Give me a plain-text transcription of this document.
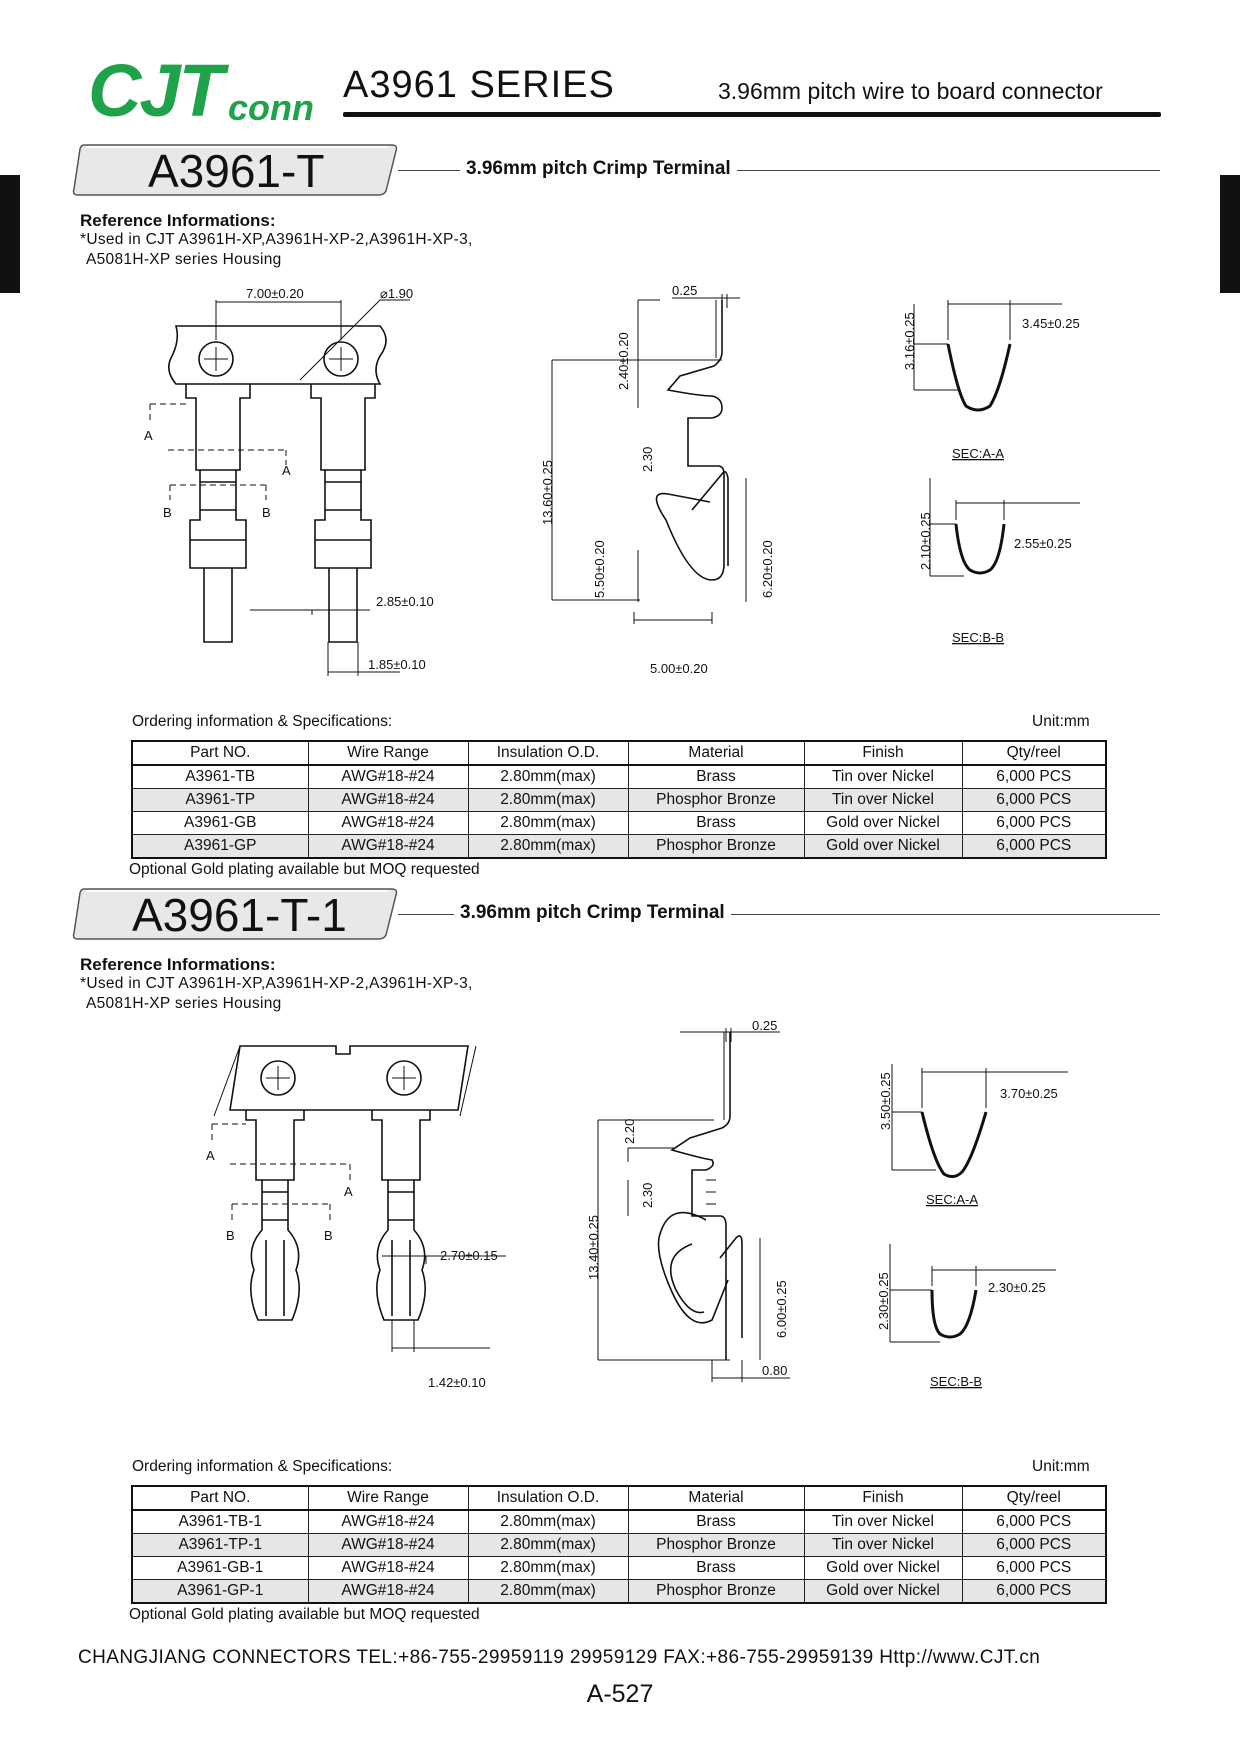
CJT conn
A3961 SERIES	3.96mm pitch wire to board connector
A3961-T	3.96mm pitch Crimp Terminal
Reference Informations:
*Used in CJT A3961H-XP,A3961H-XP-2,A3961H-XP-3,
A5081H-XP series Housing
7.00±0.20	⌀1.90
2.85±0.10
1.85±0.10
A
A
B	B
0.25
2.40±0.20
2.30
13.60±0.25
5.50±0.20	6.20±0.20
5.00±0.20
3.16±0.25	3.45±0.25
SEC:A-A
2.10±0.25	2.55±0.25
SEC:B-B
Ordering information & Specifications:	Unit:mm
Part NO.	Wire Range	Insulation O.D.	Material	Finish	Qty/reel
A3961-TB	AWG#18-#24	2.80mm(max)	Brass	Tin over Nickel	6,000 PCS
A3961-TP	AWG#18-#24	2.80mm(max)	Phosphor Bronze	Tin over Nickel	6,000 PCS
A3961-GB	AWG#18-#24	2.80mm(max)	Brass	Gold over Nickel	6,000 PCS
A3961-GP	AWG#18-#24	2.80mm(max)	Phosphor Bronze	Gold over Nickel	6,000 PCS
Optional Gold plating available but MOQ requested
A3961-T-1	3.96mm pitch Crimp Terminal
Reference Informations:
*Used in CJT A3961H-XP,A3961H-XP-2,A3961H-XP-3,
A5081H-XP series Housing
2.70±0.15
1.42±0.10
A
A
B	B
0.25
2.20
2.30
13.40±0.25
6.00±0.25
0.80
3.50±0.25	3.70±0.25
SEC:A-A
2.30±0.25	2.30±0.25
SEC:B-B
Ordering information & Specifications:	Unit:mm
Part NO.	Wire Range	Insulation O.D.	Material	Finish	Qty/reel
A3961-TB-1	AWG#18-#24	2.80mm(max)	Brass	Tin over Nickel	6,000 PCS
A3961-TP-1	AWG#18-#24	2.80mm(max)	Phosphor Bronze	Tin over Nickel	6,000 PCS
A3961-GB-1	AWG#18-#24	2.80mm(max)	Brass	Gold over Nickel	6,000 PCS
A3961-GP-1	AWG#18-#24	2.80mm(max)	Phosphor Bronze	Gold over Nickel	6,000 PCS
Optional Gold plating available but MOQ requested
CHANGJIANG CONNECTORS TEL:+86-755-29959119 29959129 FAX:+86-755-29959139 Http://www.CJT.cn
A-527
